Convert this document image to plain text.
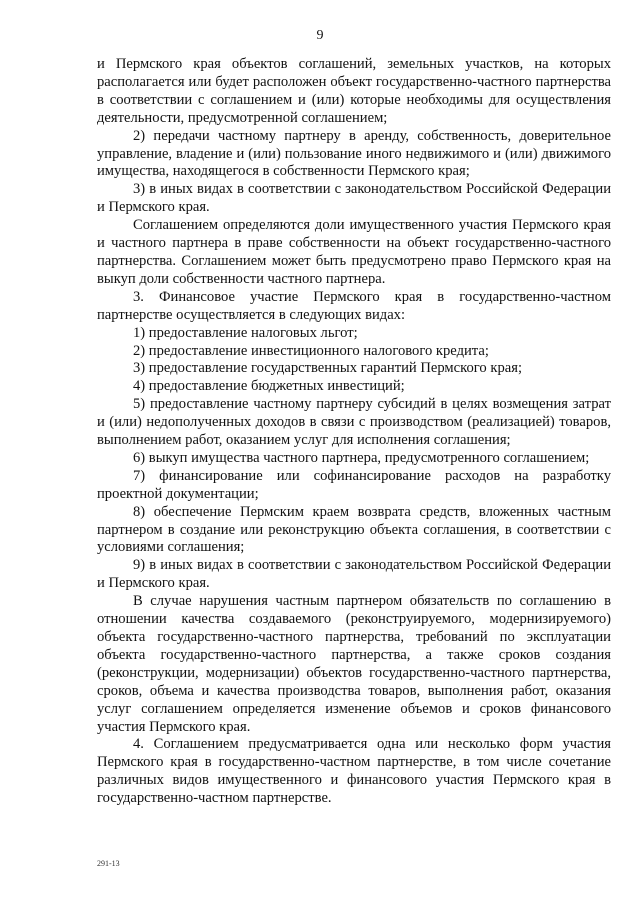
9

и Пермского края объектов соглашений, земельных участков, на которых располагается или будет расположен объект государственно-частного партнерства в соответствии с соглашением и (или) которые необходимы для осуществления деятельности, предусмотренной соглашением;

2) передачи частному партнеру в аренду, собственность, доверительное управление, владение и (или) пользование иного недвижимого и (или) движимого имущества, находящегося в собственности Пермского края;

3) в иных видах в соответствии с законодательством Российской Федерации и Пермского края.

Соглашением определяются доли имущественного участия Пермского края и частного партнера в праве собственности на объект государственно-частного партнерства. Соглашением может быть предусмотрено право Пермского края на выкуп доли собственности частного партнера.

3. Финансовое участие Пермского края в государственно-частном партнерстве осуществляется в следующих видах:

1) предоставление налоговых льгот;

2) предоставление инвестиционного налогового кредита;

3) предоставление государственных гарантий Пермского края;

4) предоставление бюджетных инвестиций;

5) предоставление частному партнеру субсидий в целях возмещения затрат и (или) недополученных доходов в связи с производством (реализацией) товаров, выполнением работ, оказанием услуг для исполнения соглашения;

6) выкуп имущества частного партнера, предусмотренного соглашением;

7) финансирование или софинансирование расходов на разработку проектной документации;

8) обеспечение Пермским краем возврата средств, вложенных частным партнером в создание или реконструкцию объекта соглашения, в соответствии с условиями соглашения;

9) в иных видах в соответствии с законодательством Российской Федерации и Пермского края.

В случае нарушения частным партнером обязательств по соглашению в отношении качества создаваемого (реконструируемого, модернизируемого) объекта государственно-частного партнерства, требований по эксплуатации объекта государственно-частного партнерства, а также сроков создания (реконструкции, модернизации) объектов государственно-частного партнерства, сроков, объема и качества производства товаров, выполнения работ, оказания услуг соглашением определяется изменение объемов и сроков финансового участия Пермского края.

4. Соглашением предусматривается одна или несколько форм участия Пермского края в государственно-частном партнерстве, в том числе сочетание различных видов имущественного и финансового участия Пермского края в государственно-частном партнерстве.

291-13
